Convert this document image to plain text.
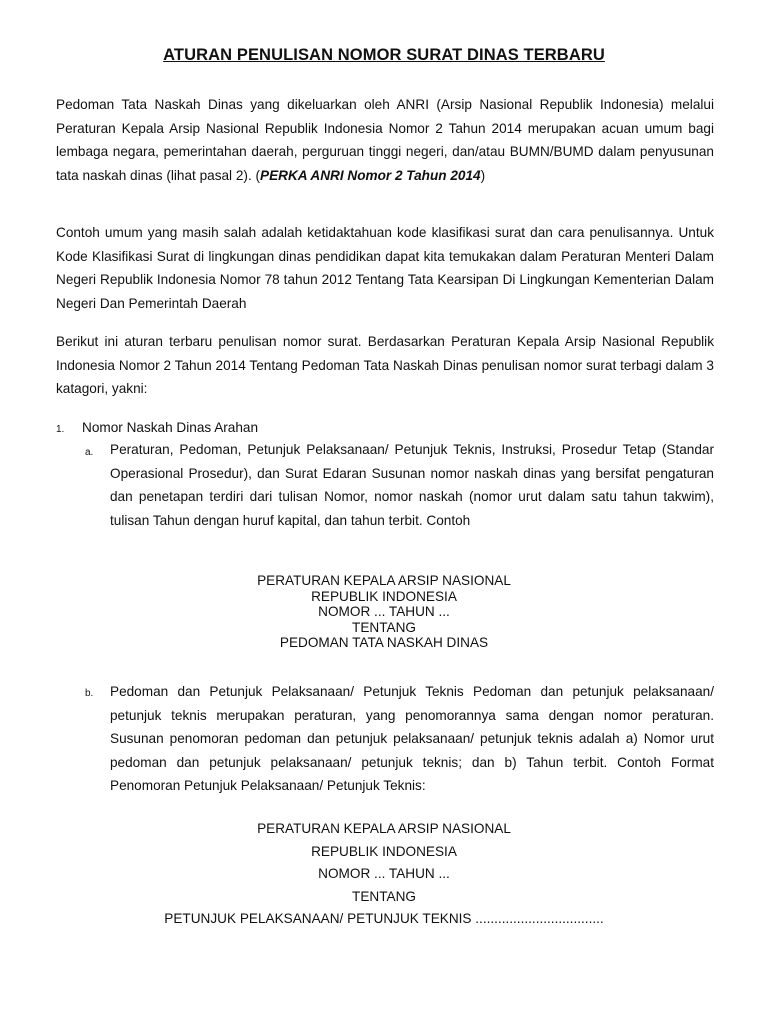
ATURAN PENULISAN NOMOR SURAT DINAS TERBARU

Pedoman Tata Naskah Dinas yang dikeluarkan oleh ANRI (Arsip Nasional Republik Indonesia) melalui Peraturan Kepala Arsip Nasional Republik Indonesia Nomor 2 Tahun 2014 merupakan acuan umum bagi lembaga negara, pemerintahan daerah, perguruan tinggi negeri, dan/atau BUMN/BUMD dalam penyusunan tata naskah dinas (lihat pasal 2). (PERKA ANRI Nomor 2 Tahun 2014)

Contoh umum yang masih salah adalah ketidaktahuan kode klasifikasi surat dan cara penulisannya. Untuk Kode Klasifikasi Surat di lingkungan dinas pendidikan dapat kita temukakan dalam Peraturan Menteri Dalam Negeri Republik Indonesia Nomor 78 tahun 2012 Tentang Tata Kearsipan Di Lingkungan Kementerian Dalam Negeri Dan Pemerintah Daerah

Berikut ini aturan terbaru penulisan nomor surat. Berdasarkan Peraturan Kepala Arsip Nasional Republik Indonesia Nomor 2 Tahun 2014 Tentang Pedoman Tata Naskah Dinas penulisan nomor surat terbagi dalam 3 katagori, yakni:

1. Nomor Naskah Dinas Arahan
a. Peraturan, Pedoman, Petunjuk Pelaksanaan/ Petunjuk Teknis, Instruksi, Prosedur Tetap (Standar Operasional Prosedur), dan Surat Edaran Susunan nomor naskah dinas yang bersifat pengaturan dan penetapan terdiri dari tulisan Nomor, nomor naskah (nomor urut dalam satu tahun takwim), tulisan Tahun dengan huruf kapital, dan tahun terbit. Contoh

PERATURAN KEPALA ARSIP NASIONAL
REPUBLIK INDONESIA
NOMOR ... TAHUN ...
TENTANG
PEDOMAN TATA NASKAH DINAS
b. Pedoman dan Petunjuk Pelaksanaan/ Petunjuk Teknis Pedoman dan petunjuk pelaksanaan/ petunjuk teknis merupakan peraturan, yang penomorannya sama dengan nomor peraturan. Susunan penomoran pedoman dan petunjuk pelaksanaan/ petunjuk teknis adalah a) Nomor urut pedoman dan petunjuk pelaksanaan/ petunjuk teknis; dan b) Tahun terbit. Contoh Format Penomoran Petunjuk Pelaksanaan/ Petunjuk Teknis:

PERATURAN KEPALA ARSIP NASIONAL
REPUBLIK INDONESIA
NOMOR ... TAHUN ...
TENTANG
PETUNJUK PELAKSANAAN/ PETUNJUK TEKNIS ..................................
